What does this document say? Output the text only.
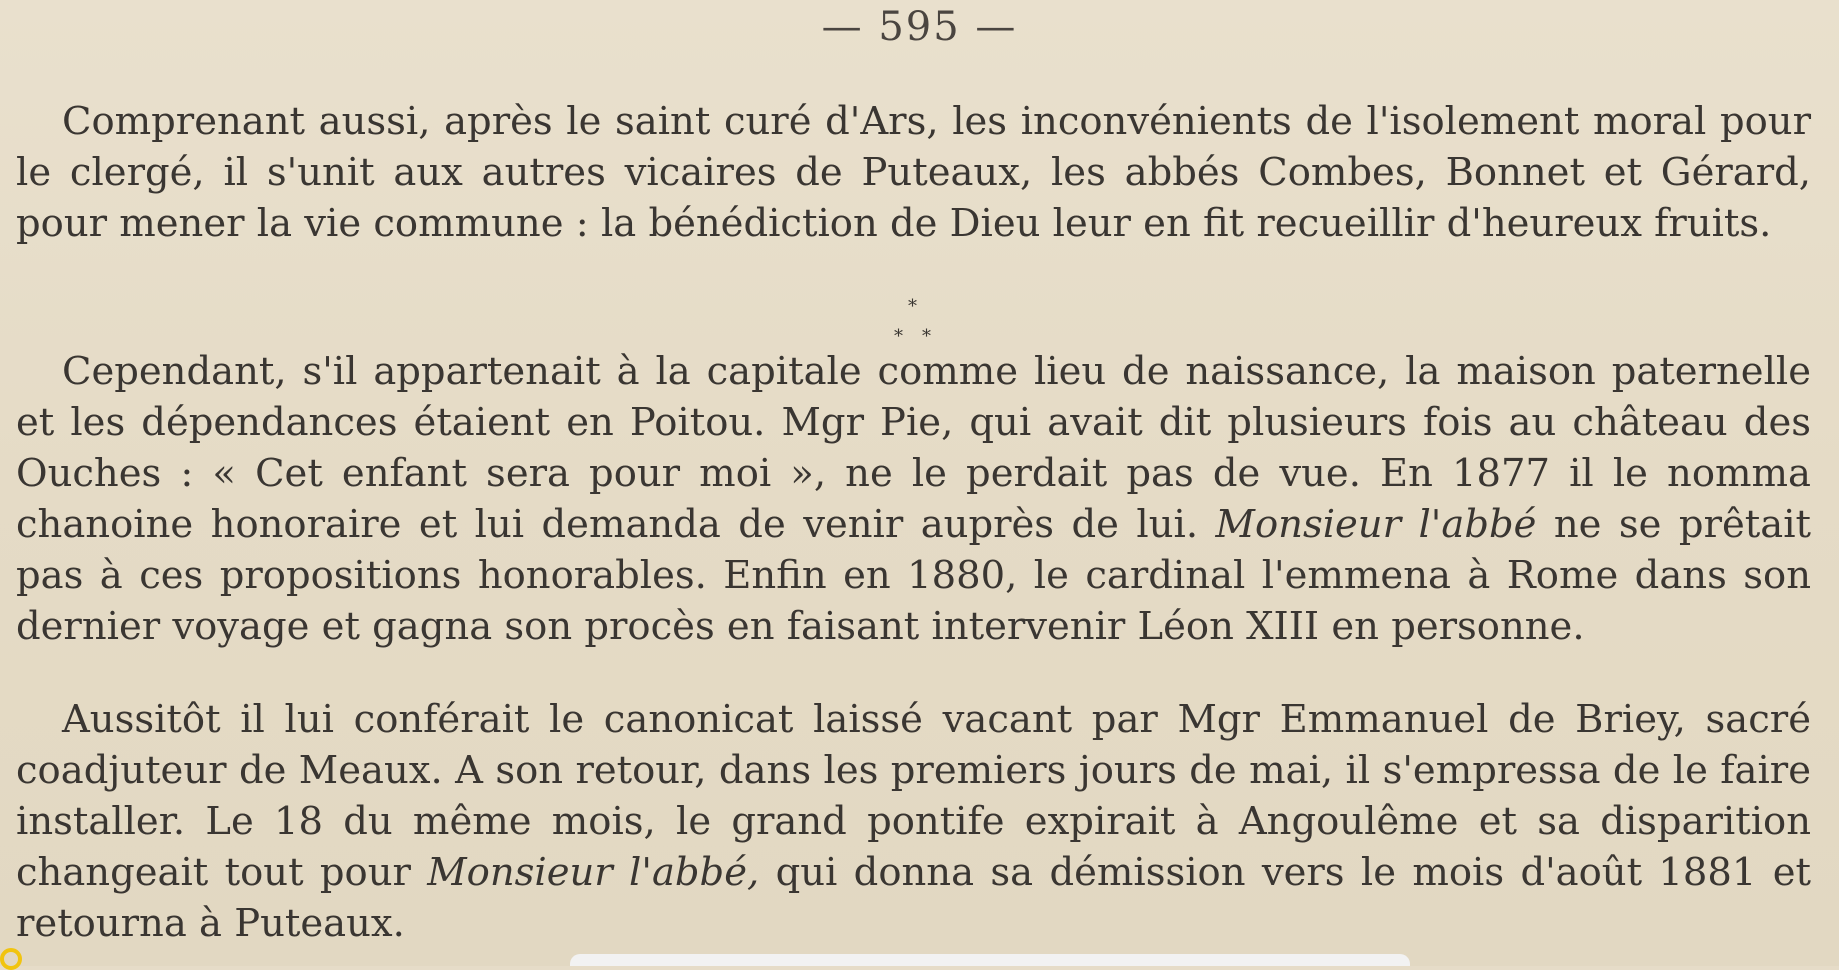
— 595 —

Comprenant aussi, après le saint curé d'Ars, les inconvénients de l'isolement moral pour le clergé, il s'unit aux autres vicaires de Puteaux, les abbés Combes, Bonnet et Gérard, pour mener la vie commune : la bénédiction de Dieu leur en fit recueillir d'heureux fruits.

*
* *

Cependant, s'il appartenait à la capitale comme lieu de naissance, la maison paternelle et les dépendances étaient en Poitou. Mgr Pie, qui avait dit plusieurs fois au château des Ouches : « Cet enfant sera pour moi », ne le perdait pas de vue. En 1877 il le nomma chanoine honoraire et lui demanda de venir auprès de lui. Monsieur l'abbé ne se prêtait pas à ces propositions honorables. Enfin en 1880, le cardinal l'emmena à Rome dans son dernier voyage et gagna son procès en faisant intervenir Léon XIII en personne.

Aussitôt il lui conférait le canonicat laissé vacant par Mgr Emmanuel de Briey, sacré coadjuteur de Meaux. A son retour, dans les premiers jours de mai, il s'empressa de le faire installer. Le 18 du même mois, le grand pontife expirait à Angoulême et sa disparition changeait tout pour Monsieur l'abbé, qui donna sa démission vers le mois d'août 1881 et retourna à Puteaux.
